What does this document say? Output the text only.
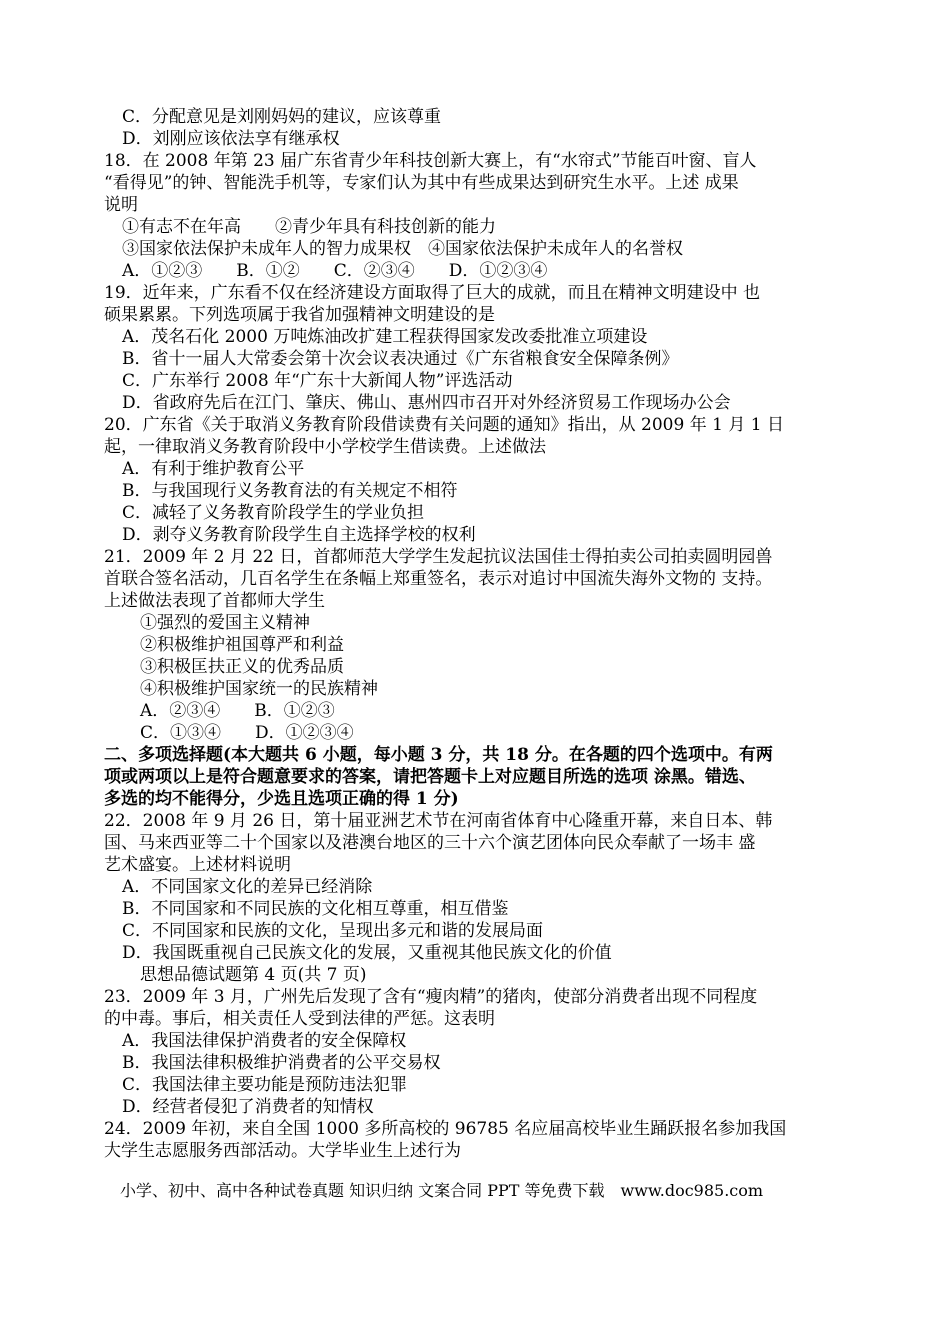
C．分配意见是刘刚妈妈的建议，应该尊重
D．刘刚应该依法享有继承权
18．在 2008 年第 23 届广东省青少年科技创新大赛上，有“水帘式”节能百叶窗、盲人
“看得见”的钟、智能洗手机等，专家们认为其中有些成果达到研究生水平。上述 成果
说明
①有志不在年高　　②青少年具有科技创新的能力
③国家依法保护未成年人的智力成果权　④国家依法保护未成年人的名誉权
A．①②③　　B．①②　　C．②③④　　D．①②③④
19．近年来，广东看不仅在经济建设方面取得了巨大的成就，而且在精神文明建设中 也
硕果累累。下列选项属于我省加强精神文明建设的是
A．茂名石化 2000 万吨炼油改扩建工程获得国家发改委批准立项建设
B．省十一届人大常委会第十次会议表决通过《广东省粮食安全保障条例》
C．广东举行 2008 年“广东十大新闻人物”评选活动
D．省政府先后在江门、肇庆、佛山、惠州四市召开对外经济贸易工作现场办公会
20．广东省《关于取消义务教育阶段借读费有关问题的通知》指出，从 2009 年 1 月 1 日
起，一律取消义务教育阶段中小学校学生借读费。上述做法
A．有利于维护教育公平
B．与我国现行义务教育法的有关规定不相符
C．减轻了义务教育阶段学生的学业负担
D．剥夺义务教育阶段学生自主选择学校的权利
21．2009 年 2 月 22 日，首都师范大学学生发起抗议法国佳士得拍卖公司拍卖圆明园兽
首联合签名活动，几百名学生在条幅上郑重签名，表示对追讨中国流失海外文物的 支持。
上述做法表现了首都师大学生
①强烈的爱国主义精神
②积极维护祖国尊严和利益
③积极匡扶正义的优秀品质
④积极维护国家统一的民族精神
A．②③④　　B．①②③
C．①③④　　D．①②③④
二、多项选择题(本大题共 6 小题，每小题 3 分，共 18 分。在各题的四个选项中。有两
项或两项以上是符合题意要求的答案，请把答题卡上对应题目所选的选项 涂黑。错选、
多选的均不能得分，少选且选项正确的得 1 分)
22．2008 年 9 月 26 日，第十届亚洲艺术节在河南省体育中心隆重开幕，来自日本、韩
国、马来西亚等二十个国家以及港澳台地区的三十六个演艺团体向民众奉献了一场丰 盛
艺术盛宴。上述材料说明
A．不同国家文化的差异已经消除
B．不同国家和不同民族的文化相互尊重，相互借鉴
C．不同国家和民族的文化，呈现出多元和谐的发展局面
D．我国既重视自己民族文化的发展，又重视其他民族文化的价值
思想品德试题第 4 页(共 7 页)
23．2009 年 3 月，广州先后发现了含有“瘦肉精”的猪肉，使部分消费者出现不同程度
的中毒。事后，相关责任人受到法律的严惩。这表明
A．我国法律保护消费者的安全保障权
B．我国法律积极维护消费者的公平交易权
C．我国法律主要功能是预防违法犯罪
D．经营者侵犯了消费者的知情权
24．2009 年初，来自全国 1000 多所高校的 96785 名应届高校毕业生踊跃报名参加我国
大学生志愿服务西部活动。大学毕业生上述行为
小学、初中、高中各种试卷真题 知识归纳 文案合同 PPT 等免费下载　www.doc985.com
